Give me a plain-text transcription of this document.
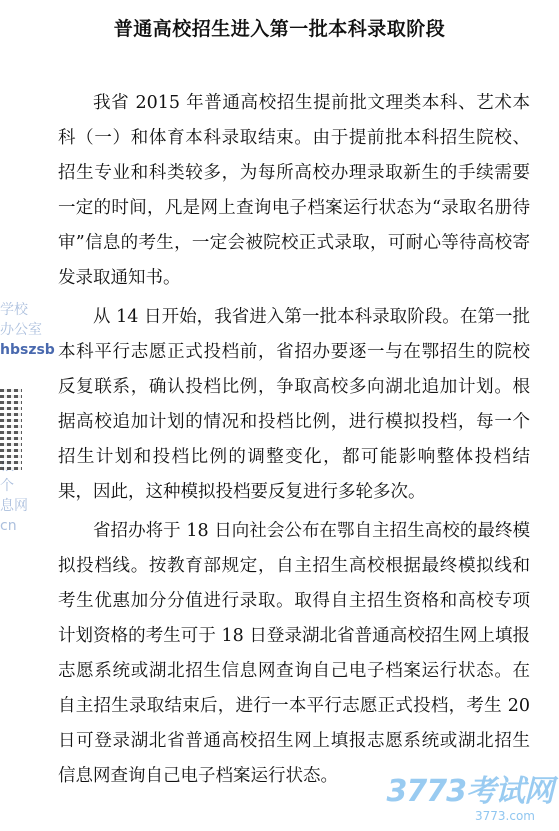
普通高校招生进入第一批本科录取阶段

我省 2015 年普通高校招生提前批文理类本科、艺术本科（一）和体育本科录取结束。由于提前批本科招生院校、招生专业和科类较多，为每所高校办理录取新生的手续需要一定的时间，凡是网上查询电子档案运行状态为“录取名册待审”信息的考生，一定会被院校正式录取，可耐心等待高校寄发录取通知书。

从 14 日开始，我省进入第一批本科录取阶段。在第一批本科平行志愿正式投档前，省招办要逐一与在鄂招生的院校反复联系，确认投档比例，争取高校多向湖北追加计划。根据高校追加计划的情况和投档比例，进行模拟投档，每一个招生计划和投档比例的调整变化，都可能影响整体投档结果，因此，这种模拟投档要反复进行多轮多次。

省招办将于 18 日向社会公布在鄂自主招生高校的最终模拟投档线。按教育部规定，自主招生高校根据最终模拟线和考生优惠加分分值进行录取。取得自主招生资格和高校专项计划资格的考生可于 18 日登录湖北省普通高校招生网上填报志愿系统或湖北招生信息网查询自己电子档案运行状态。在自主招生录取结束后，进行一本平行志愿正式投档，考生 20 日可登录湖北省普通高校招生网上填报志愿系统或湖北招生信息网查询自己电子档案运行状态。

学校
办公室
hbszsb
个
息网
cn
3773考试网
3773.com
